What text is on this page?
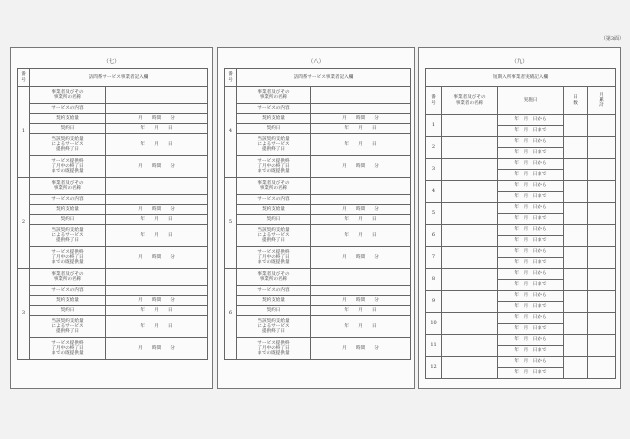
（第3面）
（七）
番
号	訪問系サービス事業者記入欄	
1	事業者及びその
事業所の名称	
	サービスの内容	
	契約支給量	月　　時間　　分
	契約日	年　　月　　日
	当該契約支給量
によるサービス
提供終了日	年　　月　　日
	サービス提供終
了月中の終了日
までの既提供量	月　　時間　　分
2	事業者及びその
事業所の名称	
	サービスの内容	
	契約支給量	月　　時間　　分
	契約日	年　　月　　日
	当該契約支給量
によるサービス
提供終了日	年　　月　　日
	サービス提供終
了月中の終了日
までの既提供量	月　　時間　　分
3	事業者及びその
事業所の名称	
	サービスの内容	
	契約支給量	月　　時間　　分
	契約日	年　　月　　日
	当該契約支給量
によるサービス
提供終了日	年　　月　　日
	サービス提供終
了月中の終了日
までの既提供量	月　　時間　　分
（八）
番
号	訪問系サービス事業者記入欄	
4	事業者及びその
事業所の名称	
	サービスの内容	
	契約支給量	月　　時間　　分
	契約日	年　　月　　日
	当該契約支給量
によるサービス
提供終了日	年　　月　　日
	サービス提供終
了月中の終了日
までの既提供量	月　　時間　　分
5	事業者及びその
事業所の名称	
	サービスの内容	
	契約支給量	月　　時間　　分
	契約日	年　　月　　日
	当該契約支給量
によるサービス
提供終了日	年　　月　　日
	サービス提供終
了月中の終了日
までの既提供量	月　　時間　　分
6	事業者及びその
事業所の名称	
	サービスの内容	
	契約支給量	月　　時間　　分
	契約日	年　　月　　日
	当該契約支給量
によるサービス
提供終了日	年　　月　　日
	サービス提供終
了月中の終了日
までの既提供量	月　　時間　　分
（九）
短期入所事業者実績記入欄
番
号	事業者及びその
事業者の名称	実施日	日
数	月
累
計
1		年　月　日から		
		年　月　日まで		
2		年　月　日から		
		年　月　日まで		
3		年　月　日から		
		年　月　日まで		
4		年　月　日から		
		年　月　日まで		
5		年　月　日から		
		年　月　日まで		
6		年　月　日から		
		年　月　日まで		
7		年　月　日から		
		年　月　日まで		
8		年　月　日から		
		年　月　日まで		
9		年　月　日から		
		年　月　日まで		
10		年　月　日から		
		年　月　日まで		
11		年　月　日から		
		年　月　日まで		
12		年　月　日から		
		年　月　日まで		
